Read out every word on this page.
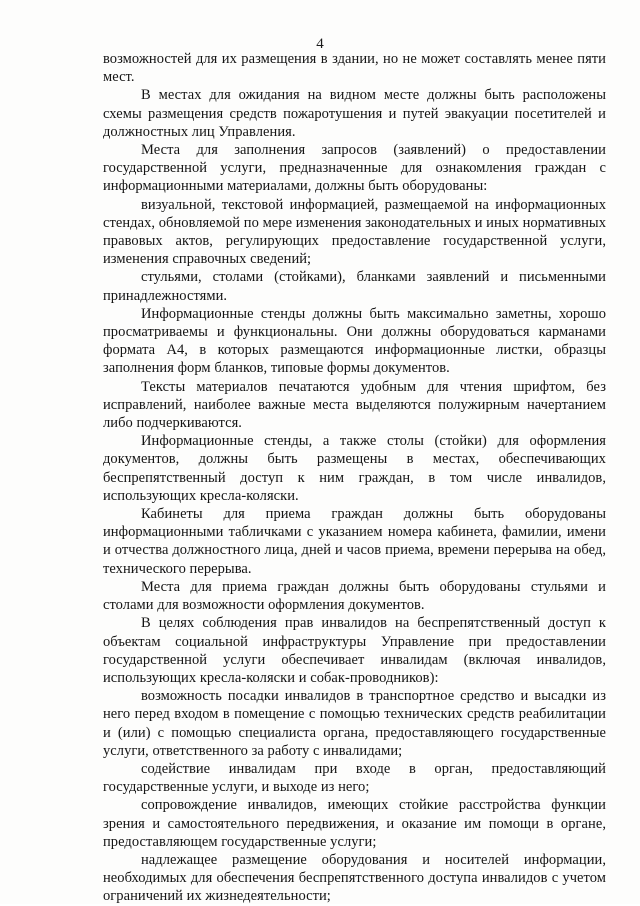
4

возможностей для их размещения в здании, но не может составлять менее пяти мест.

В местах для ожидания на видном месте должны быть расположены схемы размещения средств пожаротушения и путей эвакуации посетителей и должностных лиц Управления.

Места для заполнения запросов (заявлений) о предоставлении государственной услуги, предназначенные для ознакомления граждан с информационными материалами, должны быть оборудованы:

визуальной, текстовой информацией, размещаемой на информационных стендах, обновляемой по мере изменения законодательных и иных нормативных правовых актов, регулирующих предоставление государственной услуги, изменения справочных сведений;

стульями, столами (стойками), бланками заявлений и письменными принадлежностями.

Информационные стенды должны быть максимально заметны, хорошо просматриваемы и функциональны. Они должны оборудоваться карманами формата А4, в которых размещаются информационные листки, образцы заполнения форм бланков, типовые формы документов.

Тексты материалов печатаются удобным для чтения шрифтом, без исправлений, наиболее важные места выделяются полужирным начертанием либо подчеркиваются.

Информационные стенды, а также столы (стойки) для оформления документов, должны быть размещены в местах, обеспечивающих беспрепятственный доступ к ним граждан, в том числе инвалидов, использующих кресла-коляски.

Кабинеты для приема граждан должны быть оборудованы информационными табличками с указанием номера кабинета, фамилии, имени и отчества должностного лица, дней и часов приема, времени перерыва на обед, технического перерыва.

Места для приема граждан должны быть оборудованы стульями и столами для возможности оформления документов.

В целях соблюдения прав инвалидов на беспрепятственный доступ к объектам социальной инфраструктуры Управление при предоставлении государственной услуги обеспечивает инвалидам (включая инвалидов, использующих кресла-коляски и собак-проводников):

возможность посадки инвалидов в транспортное средство и высадки из него перед входом в помещение с помощью технических средств реабилитации и (или) с помощью специалиста органа, предоставляющего государственные услуги, ответственного за работу с инвалидами;

содействие инвалидам при входе в орган, предоставляющий государственные услуги, и выходе из него;

сопровождение инвалидов, имеющих стойкие расстройства функции зрения и самостоятельного передвижения, и оказание им помощи в органе, предоставляющем государственные услуги;

надлежащее размещение оборудования и носителей информации, необходимых для обеспечения беспрепятственного доступа инвалидов с учетом ограничений их жизнедеятельности;
